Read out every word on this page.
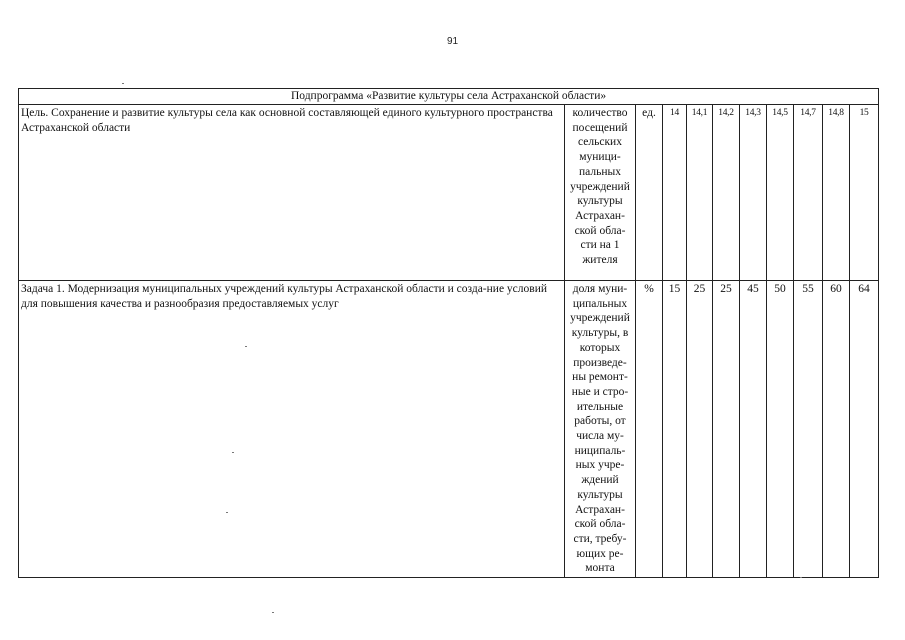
91
Подпрограмма «Развитие культуры села Астраханской области»										
Цель. Сохранение и развитие культуры села как основной составляющей единого культурного пространства Астраханской области	количество посещений сельских муници-пальных учреждений культуры Астрахан-ской обла-сти на 1 жителя	ед.	14	14,1	14,2	14,3	14,5	14,7	14,8	15
Задача 1. Модернизация муниципальных учреждений культуры Астраханской области и созда-ние условий для повышения качества и разнообразия предоставляемых услуг	доля муни-ципальных учреждений культуры, в которых произведе-ны ремонт-ные и стро-ительные работы, от числа му-ниципаль-ных учре-ждений культуры Астрахан-ской обла-сти, требу-ющих ре-монта	%	15	25	25	45	50	55	60	64
